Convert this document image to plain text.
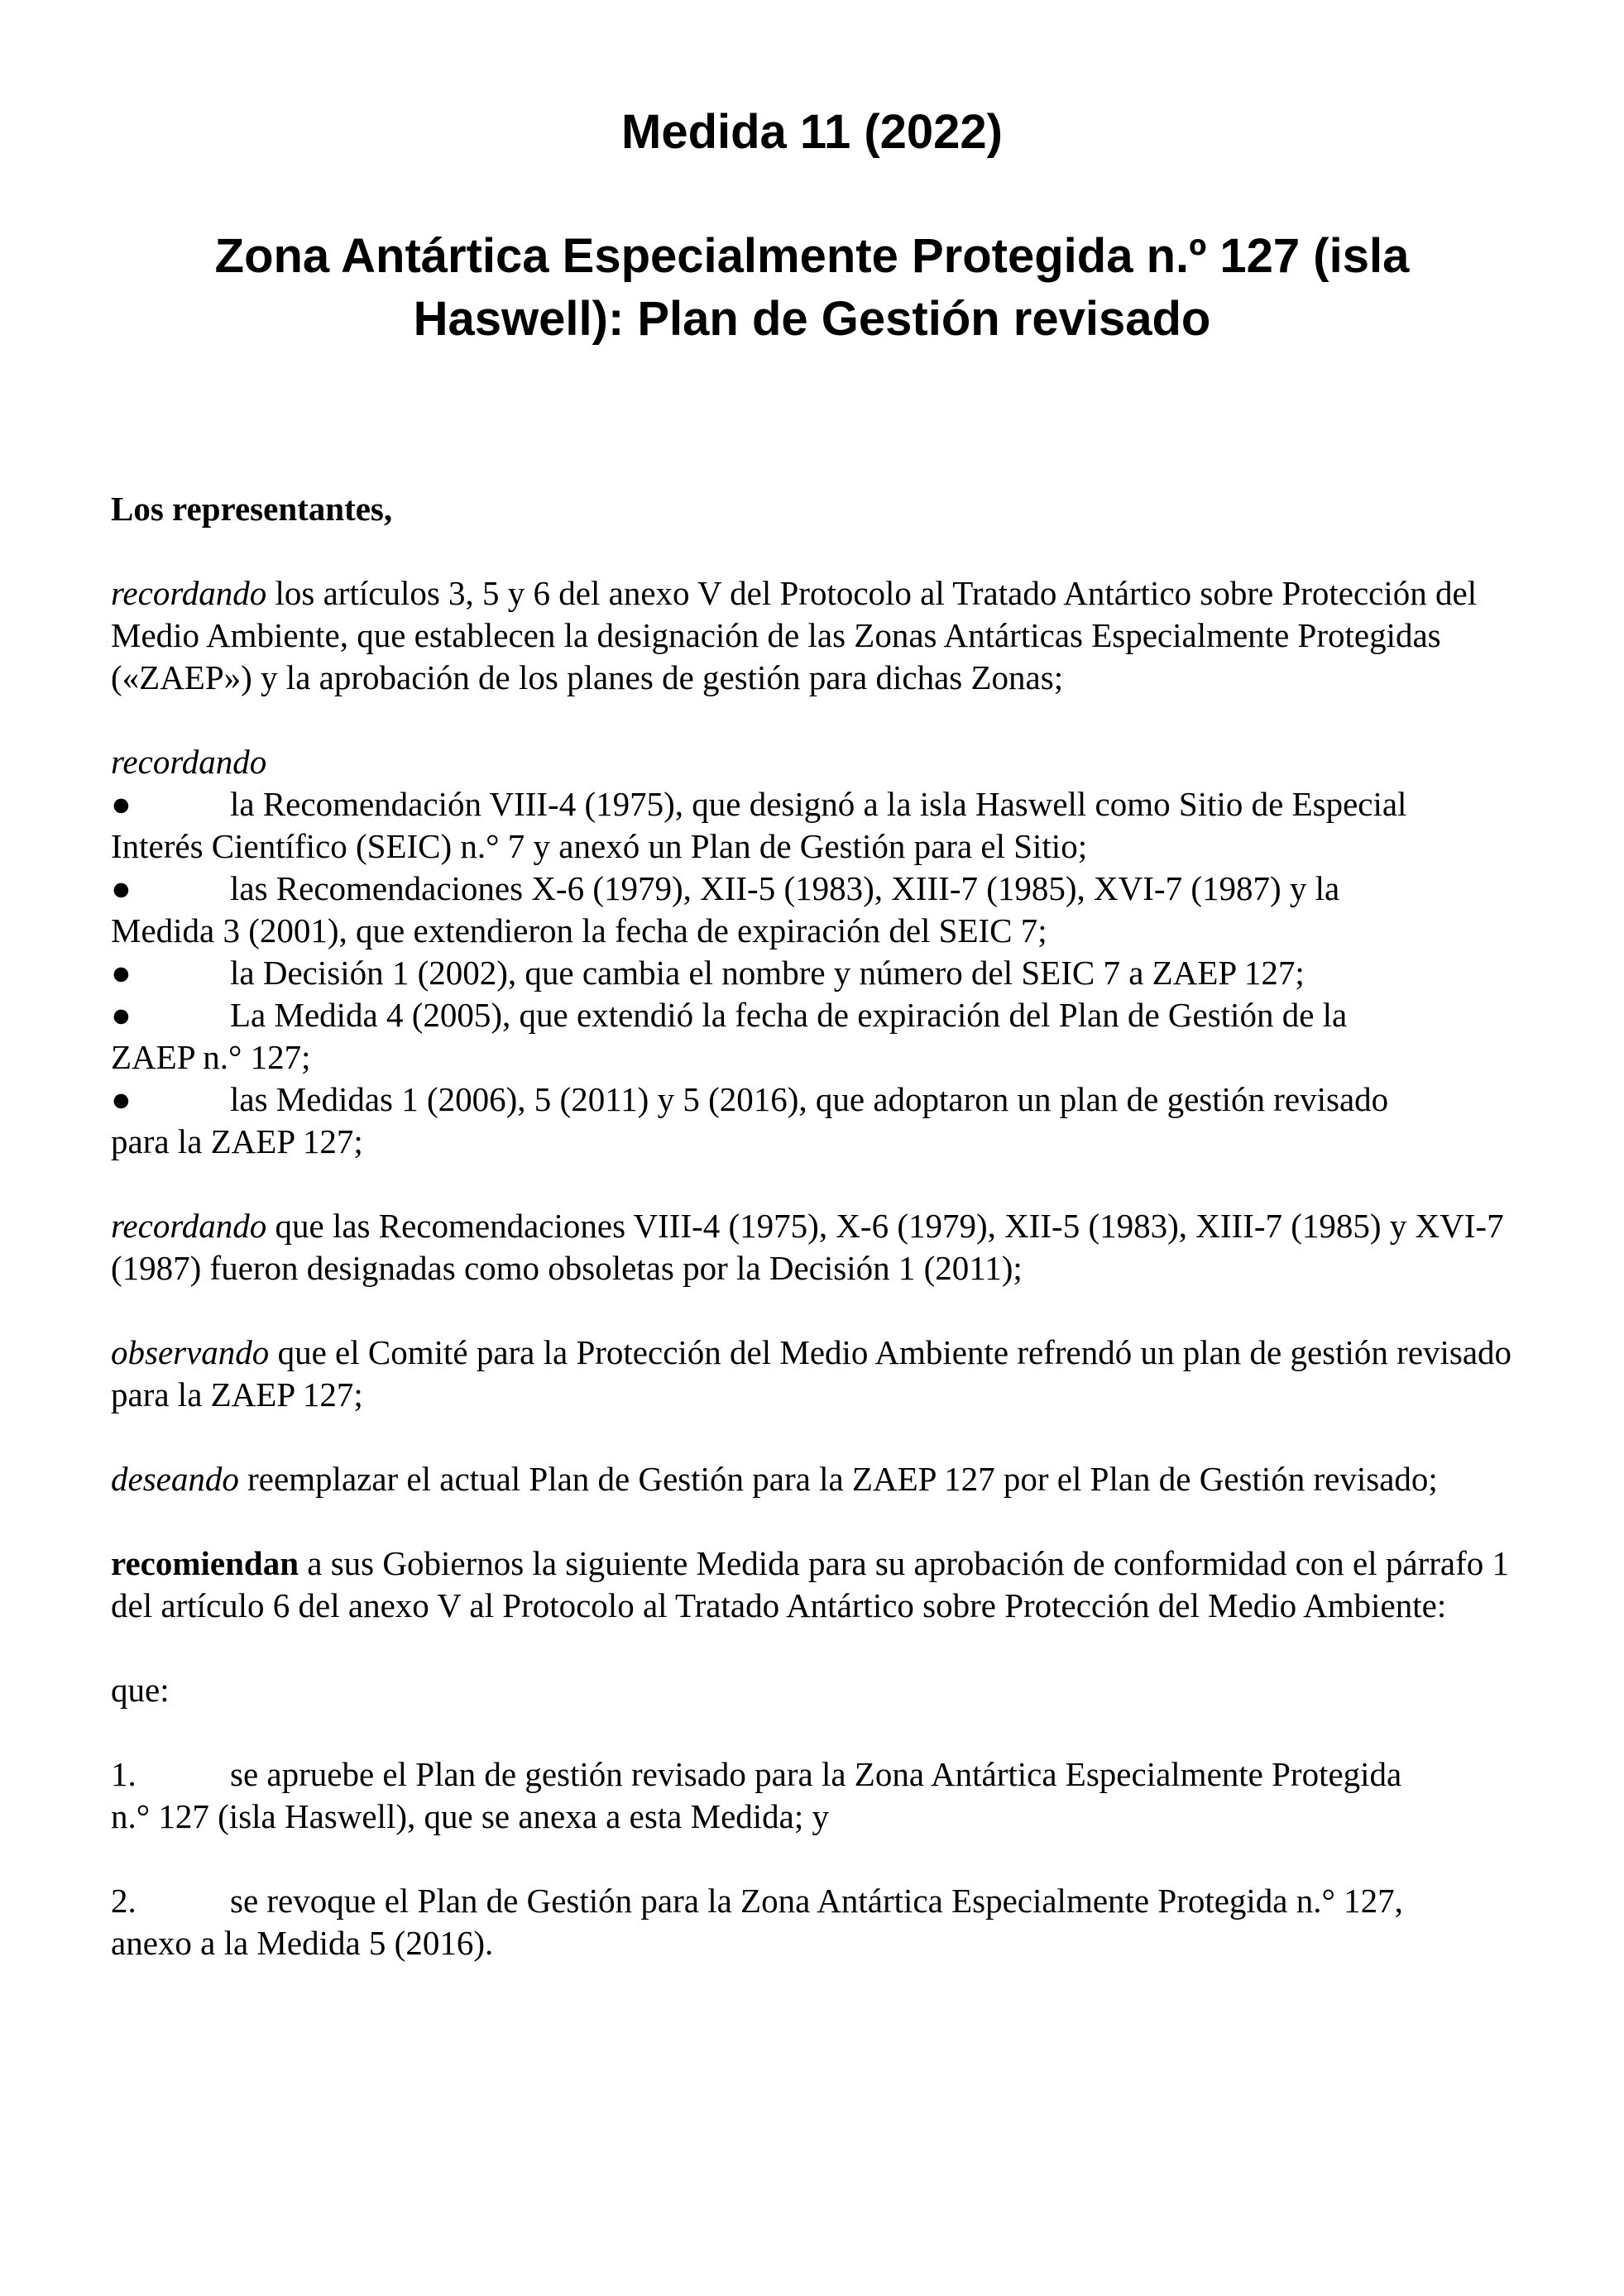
Medida 11 (2022)
Zona Antártica Especialmente Protegida n.º 127 (isla
Haswell): Plan de Gestión revisado

Los representantes,

recordando los artículos 3, 5 y 6 del anexo V del Protocolo al Tratado Antártico sobre Protección del Medio Ambiente, que establecen la designación de las Zonas Antárticas Especialmente Protegidas («ZAEP») y la aprobación de los planes de gestión para dichas Zonas;

recordando
●	la Recomendación VIII-4 (1975), que designó a la isla Haswell como Sitio de Especial
Interés Científico (SEIC) n.° 7 y anexó un Plan de Gestión para el Sitio;
●	las Recomendaciones X-6 (1979), XII-5 (1983), XIII-7 (1985), XVI-7 (1987) y la
Medida 3 (2001), que extendieron la fecha de expiración del SEIC 7;
●	la Decisión 1 (2002), que cambia el nombre y número del SEIC 7 a ZAEP 127;
●	La Medida 4 (2005), que extendió la fecha de expiración del Plan de Gestión de la
ZAEP n.° 127;
●	las Medidas 1 (2006), 5 (2011) y 5 (2016), que adoptaron un plan de gestión revisado
para la ZAEP 127;

recordando que las Recomendaciones VIII-4 (1975), X-6 (1979), XII-5 (1983), XIII-7 (1985) y XVI-7 (1987) fueron designadas como obsoletas por la Decisión 1 (2011);

observando que el Comité para la Protección del Medio Ambiente refrendó un plan de gestión revisado para la ZAEP 127;

deseando reemplazar el actual Plan de Gestión para la ZAEP 127 por el Plan de Gestión revisado;

recomiendan a sus Gobiernos la siguiente Medida para su aprobación de conformidad con el párrafo 1 del artículo 6 del anexo V al Protocolo al Tratado Antártico sobre Protección del Medio Ambiente:

que:

1.	se apruebe el Plan de gestión revisado para la Zona Antártica Especialmente Protegida
n.° 127 (isla Haswell), que se anexa a esta Medida; y
2.	se revoque el Plan de Gestión para la Zona Antártica Especialmente Protegida n.° 127,
anexo a la Medida 5 (2016).
